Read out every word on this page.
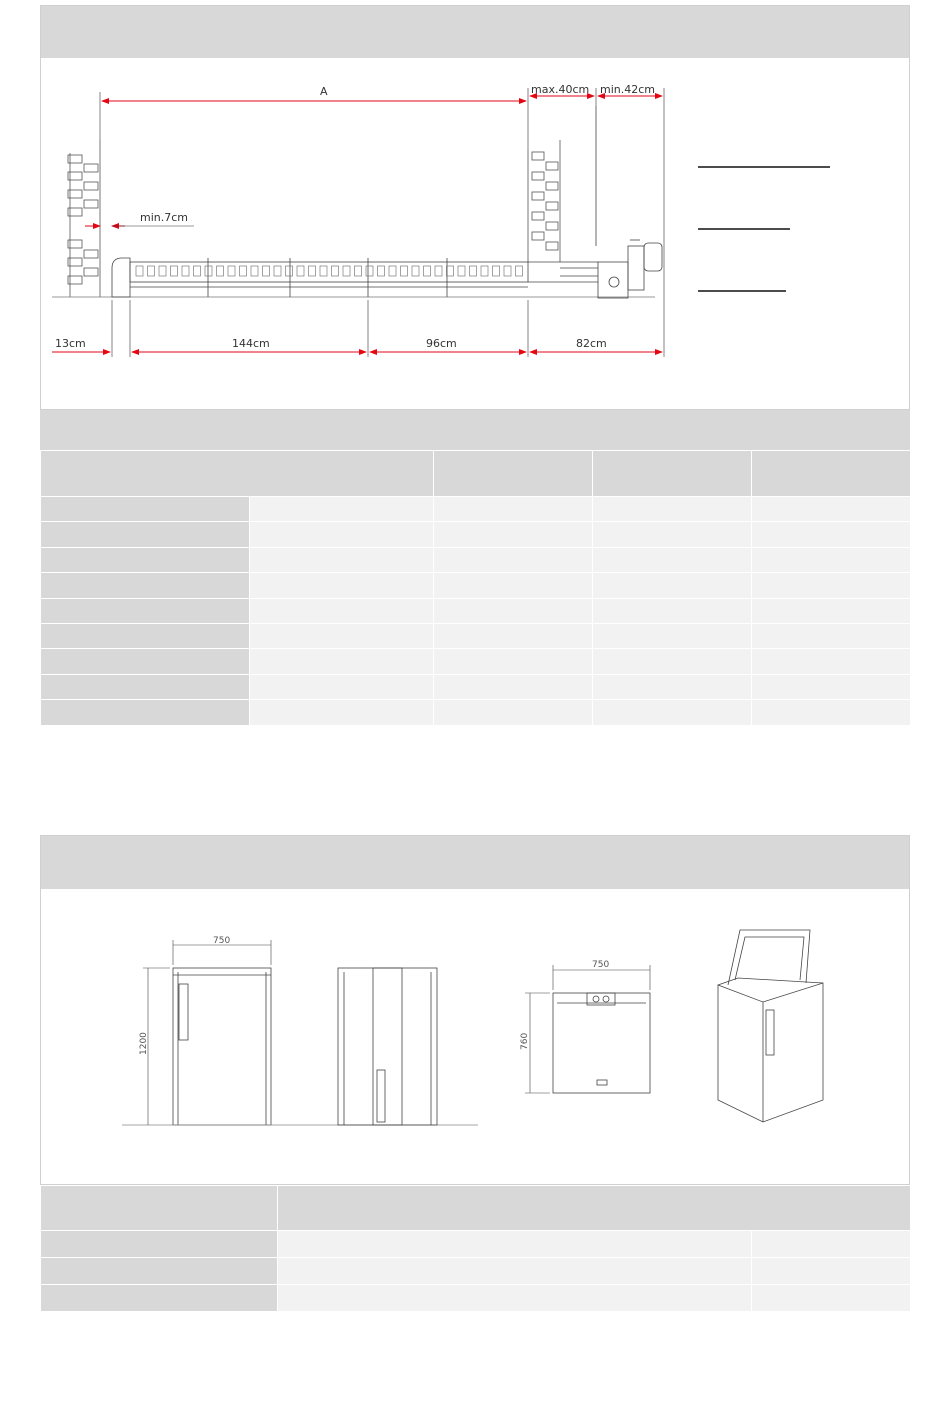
A	max.40cm min.42cm
min.7cm
13cm	144cm	96cm	82cm

750
1200
750
760
